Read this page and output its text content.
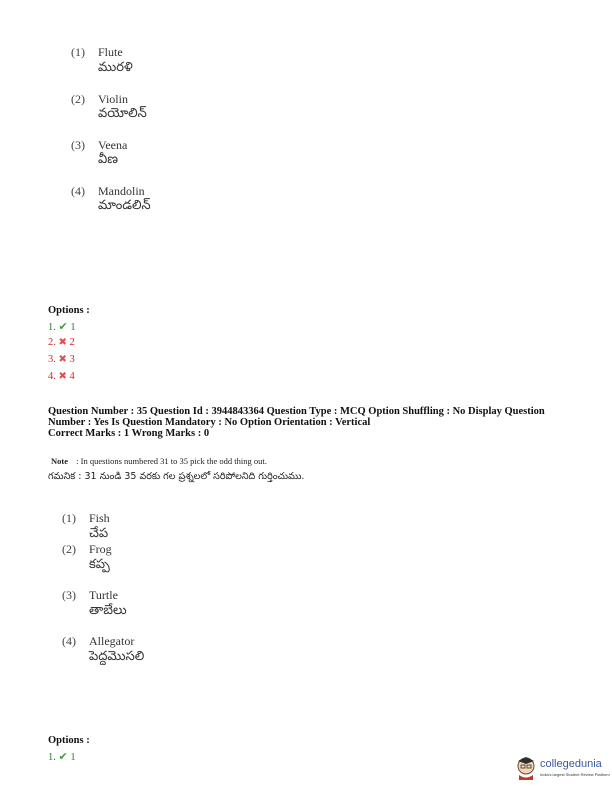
(1) Flute
మురళి
(2) Violin
వయోలిన్
(3) Veena
వీణ
(4) Mandolin
మాండలిన్
Options :
1. ✔ 1
2. ✖ 2
3. ✖ 3
4. ✖ 4
Question Number : 35 Question Id : 3944843364 Question Type : MCQ Option Shuffling : No Display Question
Number : Yes Is Question Mandatory : No Option Orientation : Vertical
Correct Marks : 1 Wrong Marks : 0
Note : In questions numbered 31 to 35 pick the odd thing out.
గమనిక : 31 నుండి 35 వరకు గల ప్రశ్నలలో సరిపోలనిది గుర్తించుము.
(1) Fish
చేప
(2) Frog
కప్ప
(3) Turtle
తాబేలు
(4) Allegator
పెద్దమొసలి
Options :
1. ✔ 1
collegedunia
India's largest Student Review Platform
